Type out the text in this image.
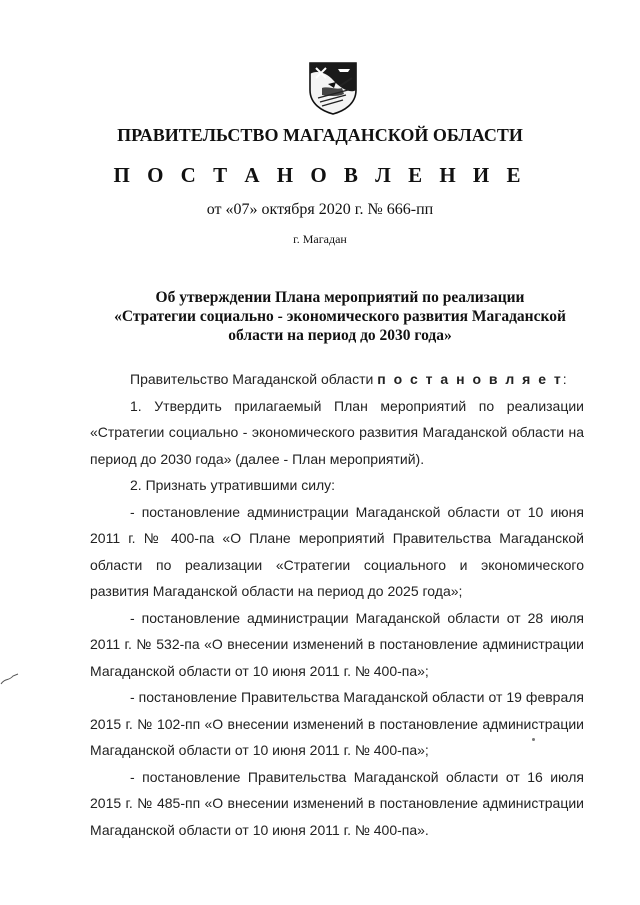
ПРАВИТЕЛЬСТВО МАГАДАНСКОЙ ОБЛАСТИ
П О С Т А Н О В Л Е Н И Е
от «07» октября 2020 г. № 666-пп
г. Магадан
Об утверждении Плана мероприятий по реализации
«Стратегии социально - экономического развития Магаданской
области на период до 2030 года»
Правительство Магаданской области п о с т а н о в л я е т:
1. Утвердить прилагаемый План мероприятий по реализации
«Стратегии социально - экономического развития Магаданской области на
период до 2030 года» (далее - План мероприятий).
2. Признать утратившими силу:
- постановление администрации Магаданской области от 10 июня
2011 г. № 400-па «О Плане мероприятий Правительства Магаданской
области по реализации «Стратегии социального и экономического
развития Магаданской области на период до 2025 года»;
- постановление администрации Магаданской области от 28 июля
2011 г. № 532-па «О внесении изменений в постановление администрации
Магаданской области от 10 июня 2011 г. № 400-па»;
- постановление Правительства Магаданской области от 19 февраля
2015 г. № 102-пп «О внесении изменений в постановление администрации
Магаданской области от 10 июня 2011 г. № 400-па»;
- постановление Правительства Магаданской области от 16 июля
2015 г. № 485-пп «О внесении изменений в постановление администрации
Магаданской области от 10 июня 2011 г. № 400-па».
